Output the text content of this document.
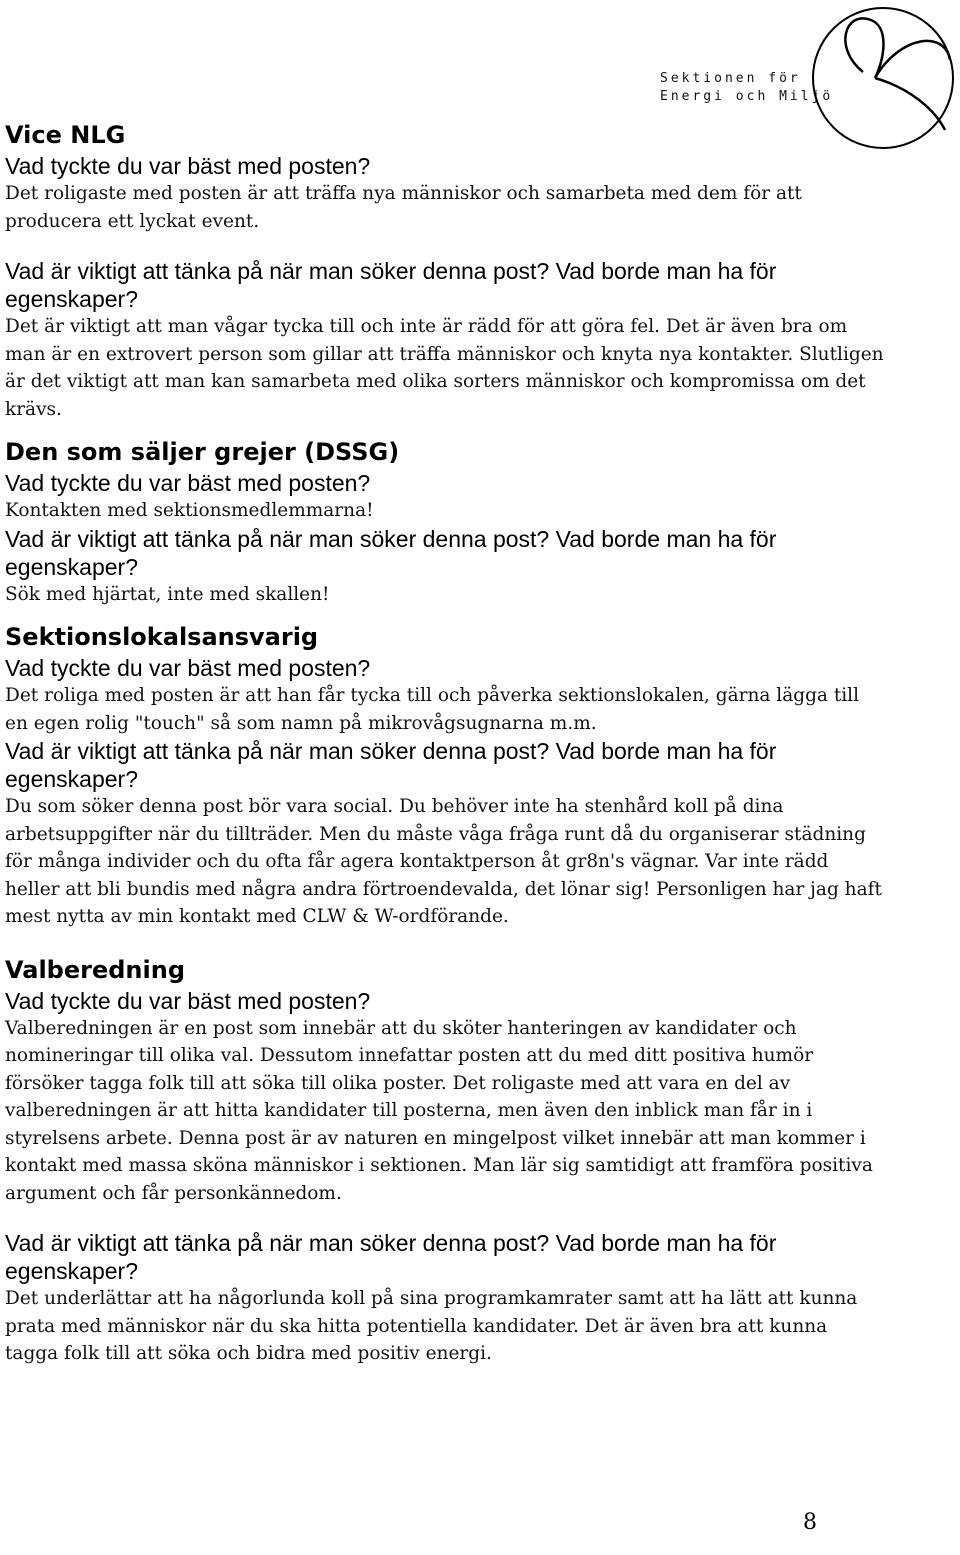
Sektionen för
Energi och Miljö
Vice NLG

Vad tyckte du var bäst med posten?

Det roligaste med posten är att träffa nya människor och samarbeta med dem för att producera ett lyckat event.

Vad är viktigt att tänka på när man söker denna post? Vad borde man ha för egenskaper?

Det är viktigt att man vågar tycka till och inte är rädd för att göra fel. Det är även bra om man är en extrovert person som gillar att träffa människor och knyta nya kontakter. Slutligen är det viktigt att man kan samarbeta med olika sorters människor och kompromissa om det krävs.

Den som säljer grejer (DSSG)

Vad tyckte du var bäst med posten?

Kontakten med sektionsmedlemmarna!

Vad är viktigt att tänka på när man söker denna post? Vad borde man ha för egenskaper?

Sök med hjärtat, inte med skallen!

Sektionslokalsansvarig

Vad tyckte du var bäst med posten?

Det roliga med posten är att han får tycka till och påverka sektionslokalen, gärna lägga till en egen rolig "touch" så som namn på mikrovågsugnarna m.m.

Vad är viktigt att tänka på när man söker denna post? Vad borde man ha för egenskaper?

Du som söker denna post bör vara social. Du behöver inte ha stenhård koll på dina arbetsuppgifter när du tillträder. Men du måste våga fråga runt då du organiserar städning för många individer och du ofta får agera kontaktperson åt gr8n's vägnar. Var inte rädd heller att bli bundis med några andra förtroendevalda, det lönar sig! Personligen har jag haft mest nytta av min kontakt med CLW & W-ordförande.

Valberedning

Vad tyckte du var bäst med posten?

Valberedningen är en post som innebär att du sköter hanteringen av kandidater och nomineringar till olika val. Dessutom innefattar posten att du med ditt positiva humör försöker tagga folk till att söka till olika poster. Det roligaste med att vara en del av valberedningen är att hitta kandidater till posterna, men även den inblick man får in i styrelsens arbete. Denna post är av naturen en mingelpost vilket innebär att man kommer i kontakt med massa sköna människor i sektionen. Man lär sig samtidigt att framföra positiva argument och får personkännedom.

Vad är viktigt att tänka på när man söker denna post? Vad borde man ha för egenskaper?

Det underlättar att ha någorlunda koll på sina programkamrater samt att ha lätt att kunna prata med människor när du ska hitta potentiella kandidater. Det är även bra att kunna tagga folk till att söka och bidra med positiv energi.

8
